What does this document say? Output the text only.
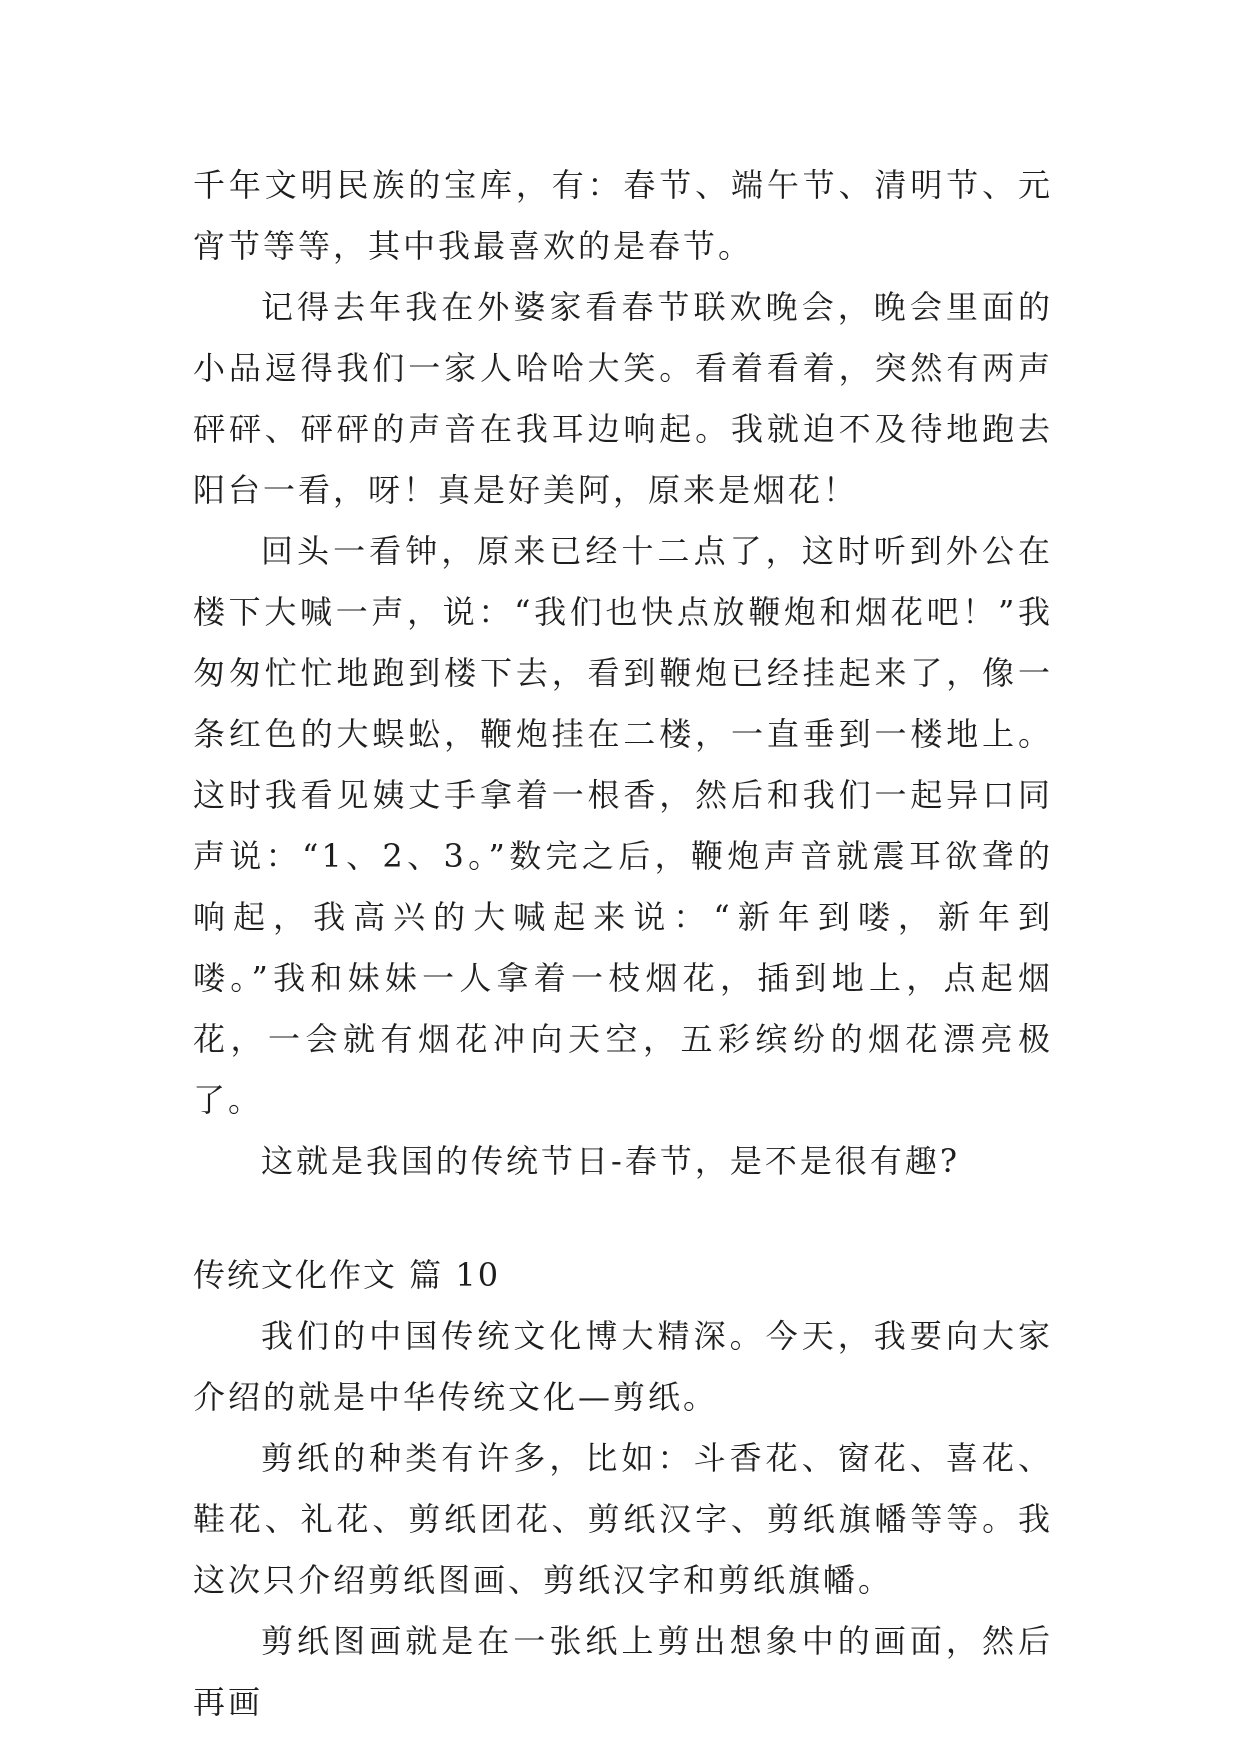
千年文明民族的宝库，有：春节、端午节、清明节、元宵节等等，其中我最喜欢的是春节。

记得去年我在外婆家看春节联欢晚会，晚会里面的小品逗得我们一家人哈哈大笑。看着看着，突然有两声砰砰、砰砰的声音在我耳边响起。我就迫不及待地跑去阳台一看，呀！真是好美阿，原来是烟花！

回头一看钟，原来已经十二点了，这时听到外公在楼下大喊一声，说：“我们也快点放鞭炮和烟花吧！”我匆匆忙忙地跑到楼下去，看到鞭炮已经挂起来了，像一条红色的大蜈蚣，鞭炮挂在二楼，一直垂到一楼地上。这时我看见姨丈手拿着一根香，然后和我们一起异口同声说：“1、2、3。”数完之后，鞭炮声音就震耳欲聋的响起，我高兴的大喊起来说：“新年到喽，新年到喽。”我和妹妹一人拿着一枝烟花，插到地上，点起烟花，一会就有烟花冲向天空，五彩缤纷的烟花漂亮极了。

这就是我国的传统节日-春节，是不是很有趣?

传统文化作文 篇 10

我们的中国传统文化博大精深。今天，我要向大家介绍的就是中华传统文化—剪纸。

剪纸的种类有许多，比如：斗香花、窗花、喜花、鞋花、礼花、剪纸团花、剪纸汉字、剪纸旗幡等等。我这次只介绍剪纸图画、剪纸汉字和剪纸旗幡。

剪纸图画就是在一张纸上剪出想象中的画面，然后再画
